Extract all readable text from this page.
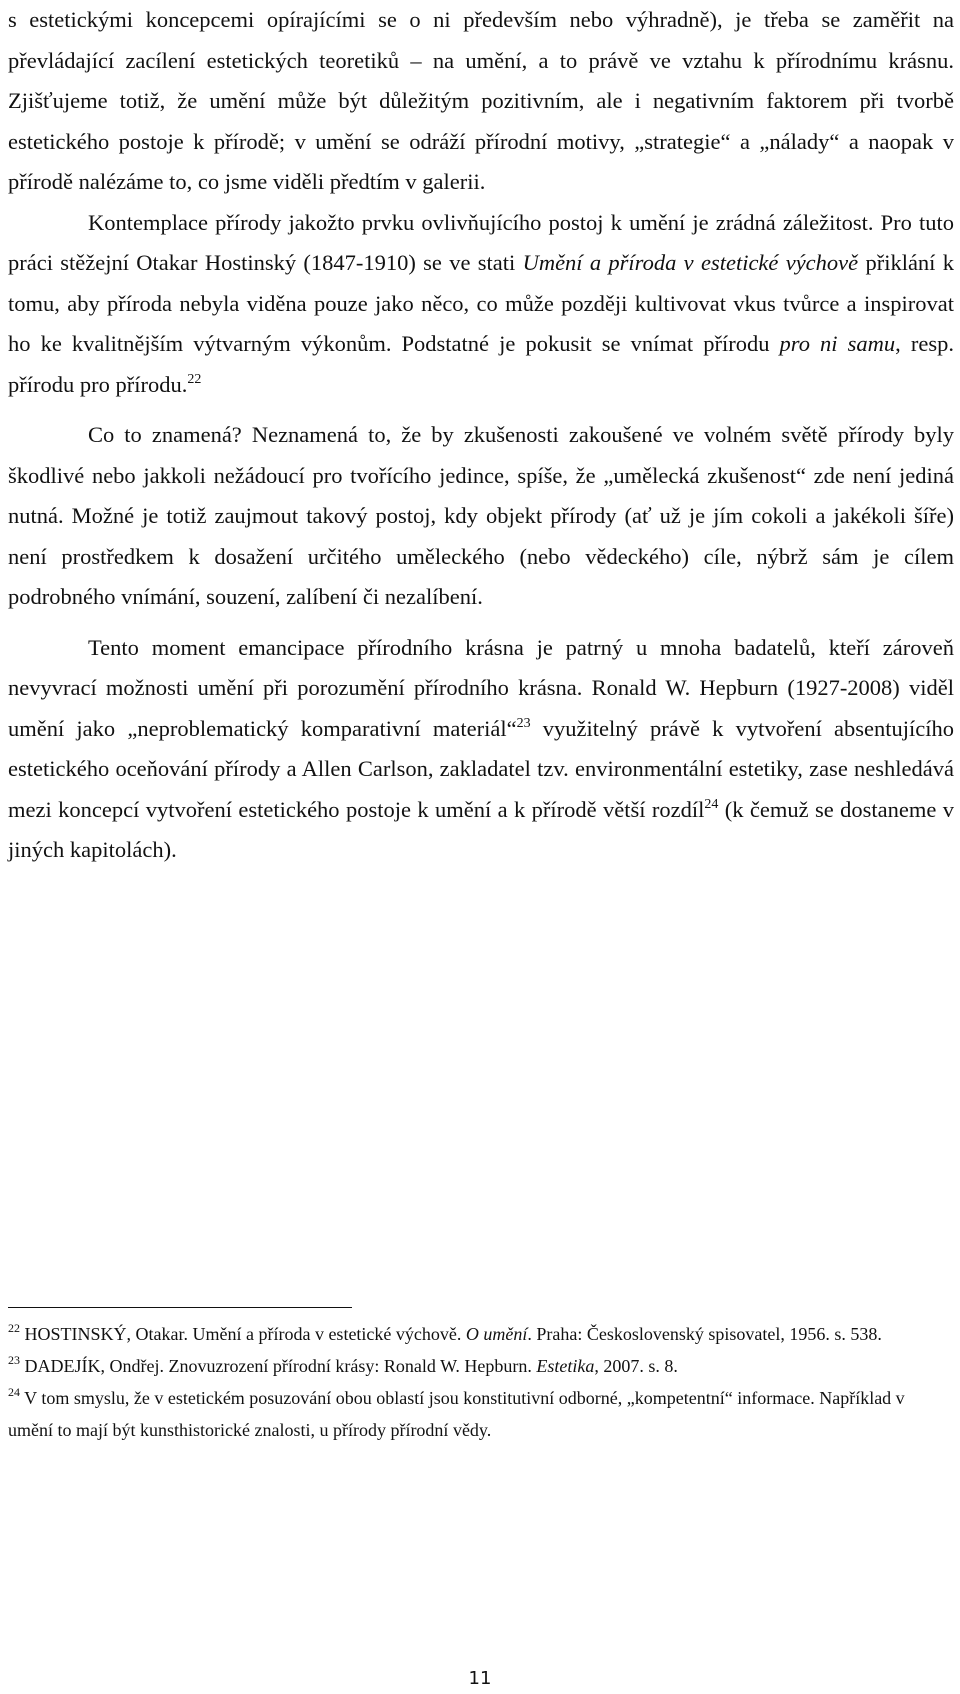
s estetickými koncepcemi opírajícími se o ni především nebo výhradně), je třeba se zaměřit na převládající zacílení estetických teoretiků – na umění, a to právě ve vztahu k přírodnímu krásnu. Zjišťujeme totiž, že umění může být důležitým pozitivním, ale i negativním faktorem při tvorbě estetického postoje k přírodě; v umění se odráží přírodní motivy, „strategie“ a „nálady“ a naopak v přírodě nalézáme to, co jsme viděli předtím v galerii.

Kontemplace přírody jakožto prvku ovlivňujícího postoj k umění je zrádná záležitost. Pro tuto práci stěžejní Otakar Hostinský (1847-1910) se ve stati Umění a příroda v estetické výchově přiklání k tomu, aby příroda nebyla viděna pouze jako něco, co může později kultivovat vkus tvůrce a inspirovat ho ke kvalitnějším výtvarným výkonům. Podstatné je pokusit se vnímat přírodu pro ni samu, resp. přírodu pro přírodu.$^{22}$

Co to znamená? Neznamená to, že by zkušenosti zakoušené ve volném světě přírody byly škodlivé nebo jakkoli nežádoucí pro tvořícího jedince, spíše, že „umělecká zkušenost“ zde není jediná nutná. Možné je totiž zaujmout takový postoj, kdy objekt přírody (ať už je jím cokoli a jakékoli šíře) není prostředkem k dosažení určitého uměleckého (nebo vědeckého) cíle, nýbrž sám je cílem podrobného vnímání, souzení, zalíbení či nezalíbení.

Tento moment emancipace přírodního krásna je patrný u mnoha badatelů, kteří zároveň nevyvrací možnosti umění při porozumění přírodního krásna. Ronald W. Hepburn (1927-2008) viděl umění jako „neproblematický komparativní materiál“$^{23}$ využitelný právě k vytvoření absentujícího estetického oceňování přírody a Allen Carlson, zakladatel tzv. environmentální estetiky, zase neshledává mezi koncepcí vytvoření estetického postoje k umění a k přírodě větší rozdíl$^{24}$ (k čemuž se dostaneme v jiných kapitolách).

$^{22}$ HOSTINSKÝ, Otakar. Umění a příroda v estetické výchově. O umění. Praha: Československý spisovatel, 1956. s. 538.

$^{23}$ DADEJÍK, Ondřej. Znovuzrození přírodní krásy: Ronald W. Hepburn. Estetika, 2007. s. 8.

$^{24}$ V tom smyslu, že v estetickém posuzování obou oblastí jsou konstitutivní odborné, „kompetentní“ informace. Například v umění to mají být kunsthistorické znalosti, u přírody přírodní vědy.

11
